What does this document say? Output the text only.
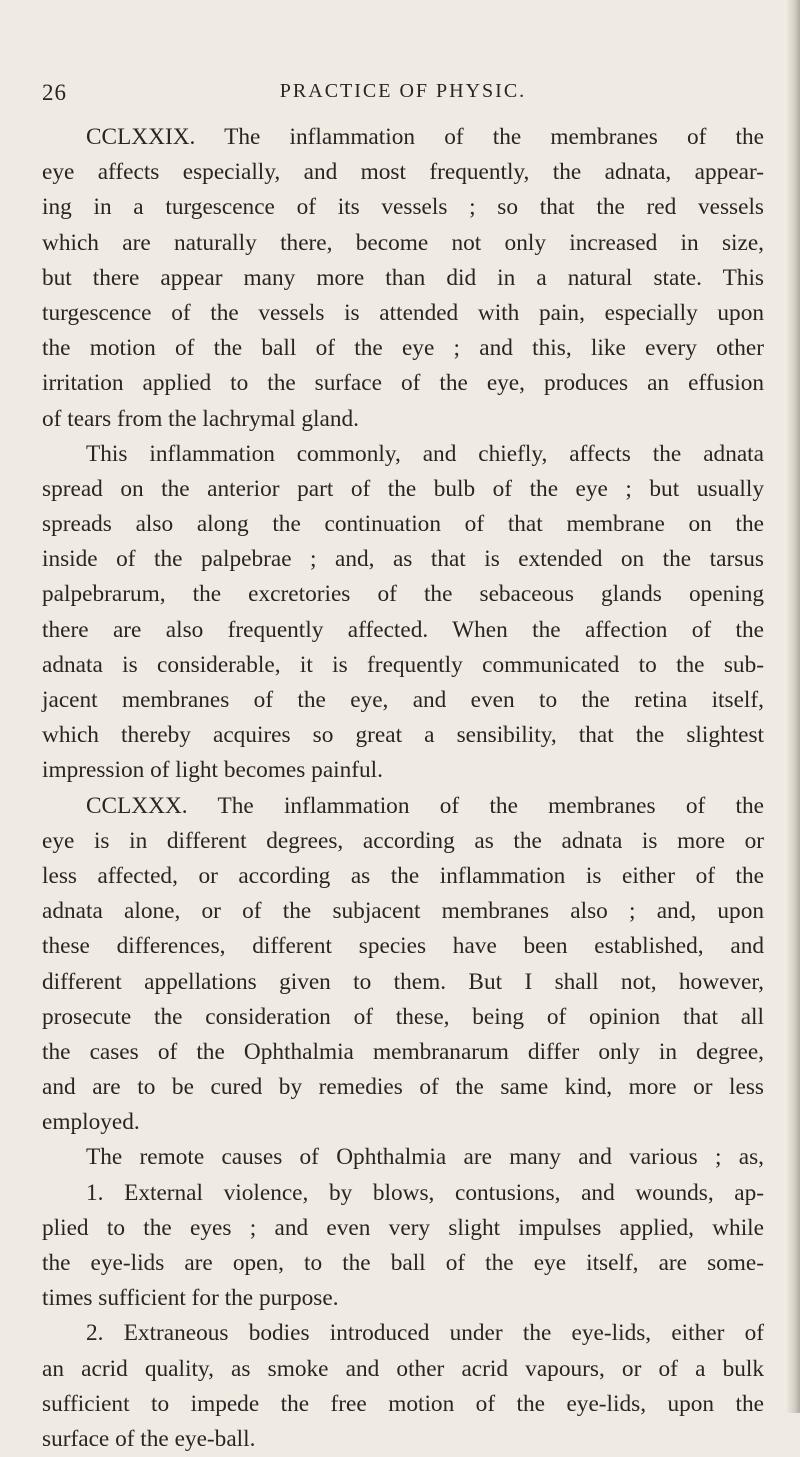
26	PRACTICE OF PHYSIC.
CCLXXIX. The inflammation of the membranes of the
eye affects especially, and most frequently, the adnata, appear-
ing in a turgescence of its vessels ; so that the red vessels
which are naturally there, become not only increased in size,
but there appear many more than did in a natural state. This
turgescence of the vessels is attended with pain, especially upon
the motion of the ball of the eye ; and this, like every other
irritation applied to the surface of the eye, produces an effusion
of tears from the lachrymal gland.
This inflammation commonly, and chiefly, affects the adnata
spread on the anterior part of the bulb of the eye ; but usually
spreads also along the continuation of that membrane on the
inside of the palpebrae ; and, as that is extended on the tarsus
palpebrarum, the excretories of the sebaceous glands opening
there are also frequently affected. When the affection of the
adnata is considerable, it is frequently communicated to the sub-
jacent membranes of the eye, and even to the retina itself,
which thereby acquires so great a sensibility, that the slightest
impression of light becomes painful.
CCLXXX. The inflammation of the membranes of the
eye is in different degrees, according as the adnata is more or
less affected, or according as the inflammation is either of the
adnata alone, or of the subjacent membranes also ; and, upon
these differences, different species have been established, and
different appellations given to them. But I shall not, however,
prosecute the consideration of these, being of opinion that all
the cases of the Ophthalmia membranarum differ only in degree,
and are to be cured by remedies of the same kind, more or less
employed.
The remote causes of Ophthalmia are many and various ; as,
1. External violence, by blows, contusions, and wounds, ap-
plied to the eyes ; and even very slight impulses applied, while
the eye-lids are open, to the ball of the eye itself, are some-
times sufficient for the purpose.
2. Extraneous bodies introduced under the eye-lids, either of
an acrid quality, as smoke and other acrid vapours, or of a bulk
sufficient to impede the free motion of the eye-lids, upon the
surface of the eye-ball.
